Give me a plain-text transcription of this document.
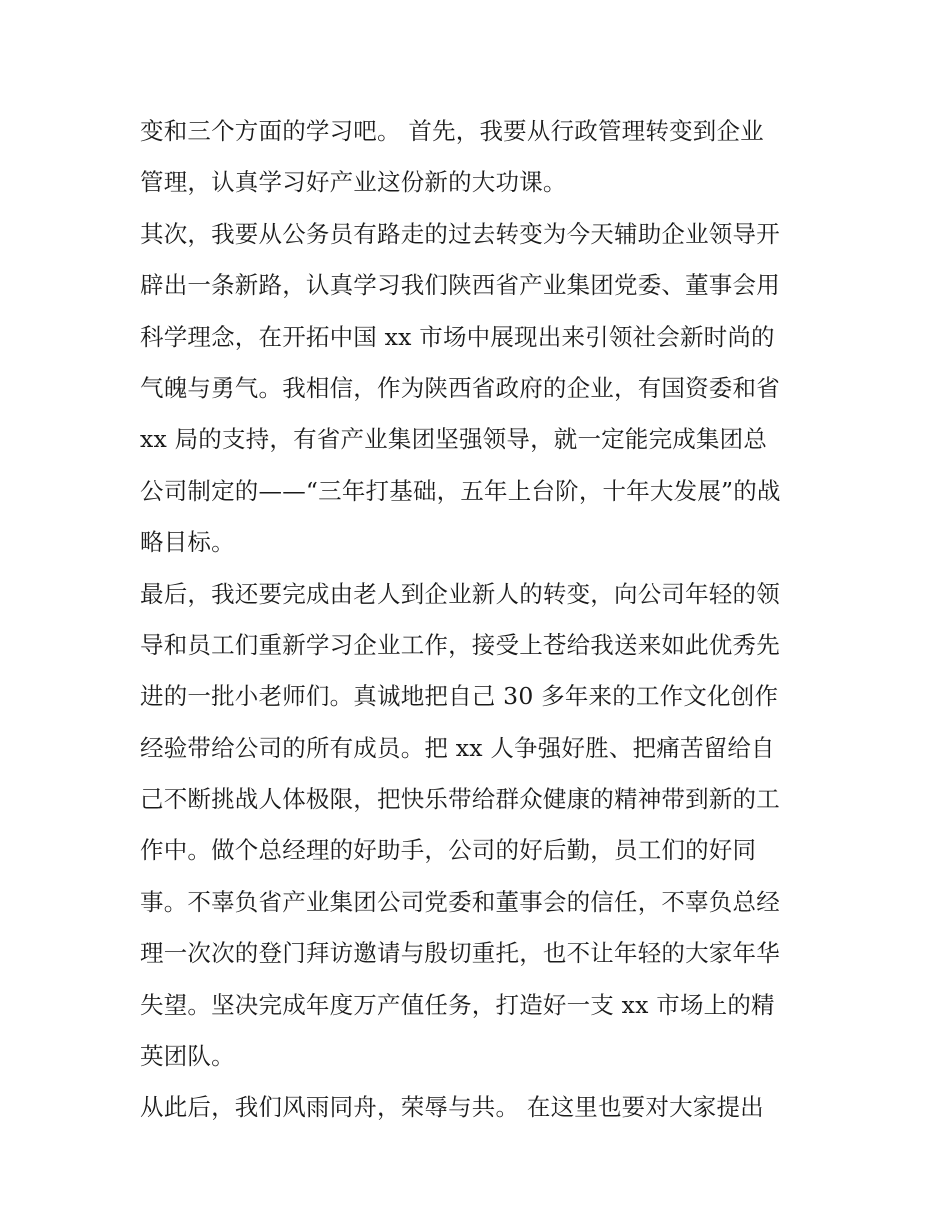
变和三个方面的学习吧。 首先，我要从行政管理转变到企业
管理，认真学习好产业这份新的大功课。
其次，我要从公务员有路走的过去转变为今天辅助企业领导开
辟出一条新路，认真学习我们陕西省产业集团党委、董事会用
科学理念，在开拓中国 xx 市场中展现出来引领社会新时尚的
气魄与勇气。我相信，作为陕西省政府的企业，有国资委和省
xx 局的支持，有省产业集团坚强领导，就一定能完成集团总
公司制定的——“三年打基础，五年上台阶，十年大发展”的战
略目标。
最后，我还要完成由老人到企业新人的转变，向公司年轻的领
导和员工们重新学习企业工作，接受上苍给我送来如此优秀先
进的一批小老师们。真诚地把自己 30 多年来的工作文化创作
经验带给公司的所有成员。把 xx 人争强好胜、把痛苦留给自
己不断挑战人体极限，把快乐带给群众健康的精神带到新的工
作中。做个总经理的好助手，公司的好后勤，员工们的好同
事。不辜负省产业集团公司党委和董事会的信任，不辜负总经
理一次次的登门拜访邀请与殷切重托，也不让年轻的大家年华
失望。坚决完成年度万产值任务，打造好一支 xx 市场上的精
英团队。
从此后，我们风雨同舟，荣辱与共。 在这里也要对大家提出
